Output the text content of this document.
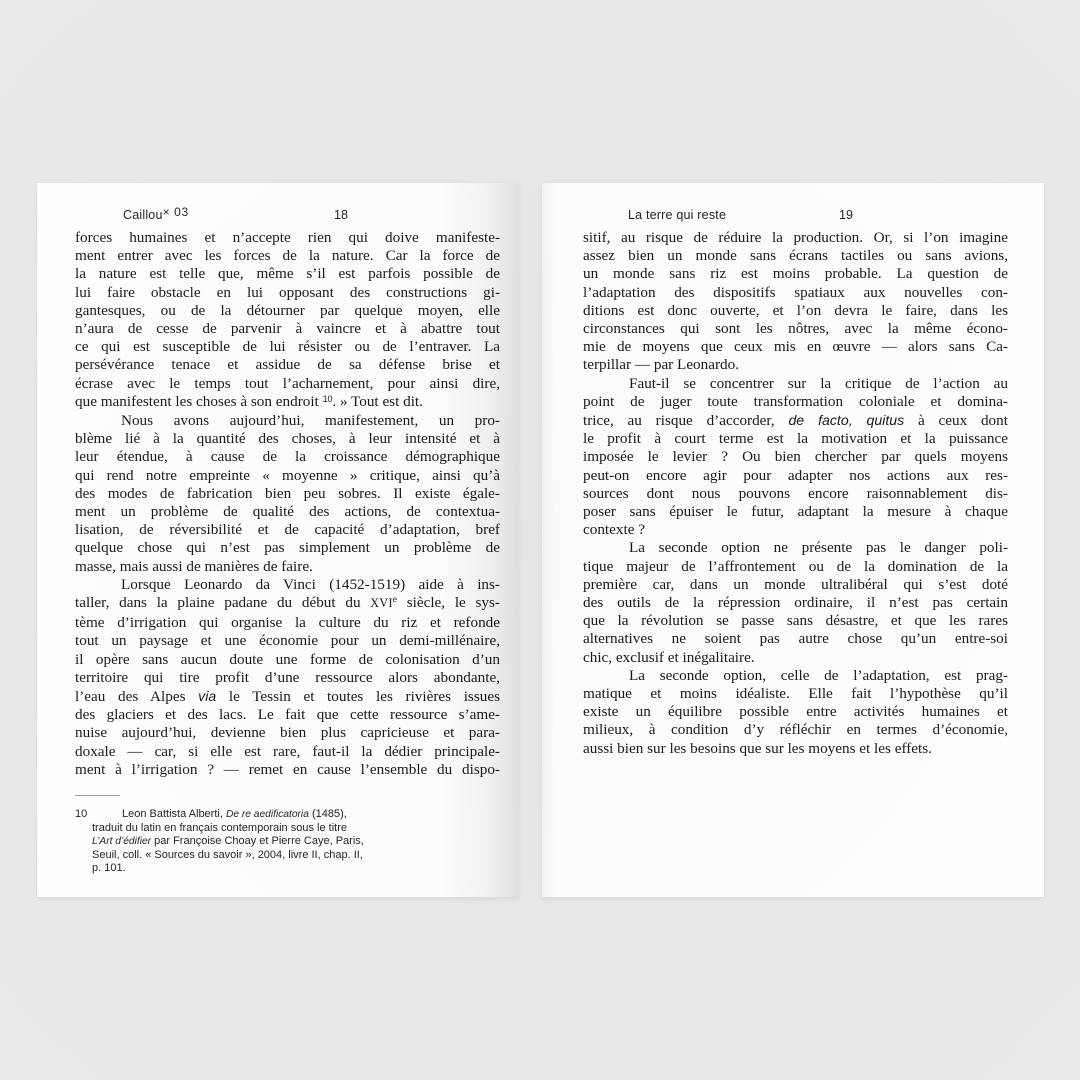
Caillou× 03	18
forces humaines et n’accepte rien qui doive manifeste-
ment entrer avec les forces de la nature. Car la force de
la nature est telle que, même s’il est parfois possible de
lui faire obstacle en lui opposant des constructions gi-
gantesques, ou de la détourner par quelque moyen, elle
n’aura de cesse de parvenir à vaincre et à abattre tout
ce qui est susceptible de lui résister ou de l’entraver. La
persévérance tenace et assidue de sa défense brise et
écrase avec le temps tout l’acharnement, pour ainsi dire,
que manifestent les choses à son endroit $^{10}$. » Tout est dit.
Nous avons aujourd’hui, manifestement, un pro-
blème lié à la quantité des choses, à leur intensité et à
leur étendue, à cause de la croissance démographique
qui rend notre empreinte « moyenne » critique, ainsi qu’à
des modes de fabrication bien peu sobres. Il existe égale-
ment un problème de qualité des actions, de contextua-
lisation, de réversibilité et de capacité d’adaptation, bref
quelque chose qui n’est pas simplement un problème de
masse, mais aussi de manières de faire.
Lorsque Leonardo da Vinci (1452-1519) aide à ins-
taller, dans la plaine padane du début du XVIe siècle, le sys-
tème d’irrigation qui organise la culture du riz et refonde
tout un paysage et une économie pour un demi-millénaire,
il opère sans aucun doute une forme de colonisation d’un
territoire qui tire profit d’une ressource alors abondante,
l’eau des Alpes via le Tessin et toutes les rivières issues
des glaciers et des lacs. Le fait que cette ressource s’ame-
nuise aujourd’hui, devienne bien plus capricieuse et para-
doxale — car, si elle est rare, faut-il la dédier principale-
ment à l’irrigation ? — remet en cause l’ensemble du dispo-
10	Leon Battista Alberti, De re aedificatoria (1485),
traduit du latin en français contemporain sous le titre
L’Art d’édifier par Françoise Choay et Pierre Caye, Paris,
Seuil, coll. « Sources du savoir », 2004, livre II, chap. II,
p. 101.
La terre qui reste	19
sitif, au risque de réduire la production. Or, si l’on imagine
assez bien un monde sans écrans tactiles ou sans avions,
un monde sans riz est moins probable. La question de
l’adaptation des dispositifs spatiaux aux nouvelles con-
ditions est donc ouverte, et l’on devra le faire, dans les
circonstances qui sont les nôtres, avec la même écono-
mie de moyens que ceux mis en œuvre — alors sans Ca-
terpillar — par Leonardo.
Faut-il se concentrer sur la critique de l’action au
point de juger toute transformation coloniale et domina-
trice, au risque d’accorder, de facto, quitus à ceux dont
le profit à court terme est la motivation et la puissance
imposée le levier ? Ou bien chercher par quels moyens
peut-on encore agir pour adapter nos actions aux res-
sources dont nous pouvons encore raisonnablement dis-
poser sans épuiser le futur, adaptant la mesure à chaque
contexte ?
La seconde option ne présente pas le danger poli-
tique majeur de l’affrontement ou de la domination de la
première car, dans un monde ultralibéral qui s’est doté
des outils de la répression ordinaire, il n’est pas certain
que la révolution se passe sans désastre, et que les rares
alternatives ne soient pas autre chose qu’un entre-soi
chic, exclusif et inégalitaire.
La seconde option, celle de l’adaptation, est prag-
matique et moins idéaliste. Elle fait l’hypothèse qu’il
existe un équilibre possible entre activités humaines et
milieux, à condition d’y réfléchir en termes d’économie,
aussi bien sur les besoins que sur les moyens et les effets.
